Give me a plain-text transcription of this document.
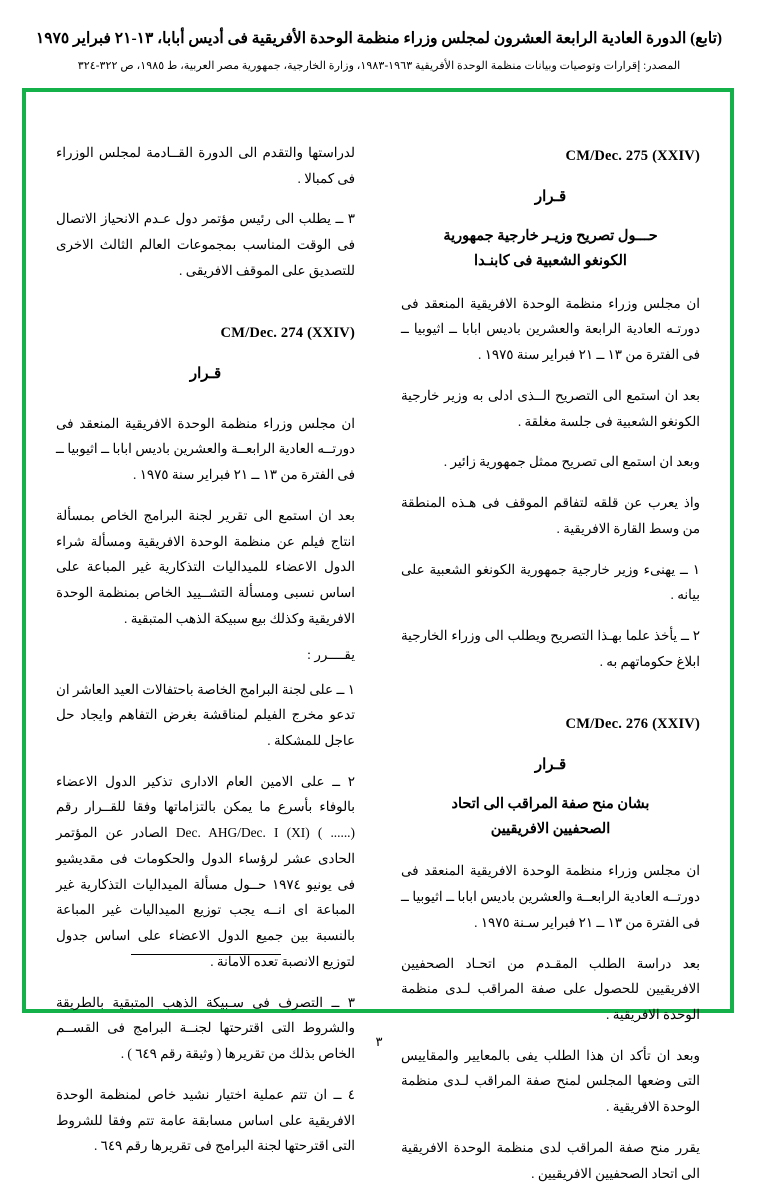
(تابع) الدورة العادية الرابعة العشرون لمجلس وزراء منظمة الوحدة الأفريقية فى أديس أبابا، ١٣-٢١ فبراير ١٩٧٥
المصدر: إقرارات وتوصيات وبيانات منظمة الوحدة الأفريقية ١٩٦٣-١٩٨٣، وزارة الخارجية، جمهورية مصر العربية، ط ١٩٨٥، ص ٣٢٢-٣٢٤
CM/Dec. 275 (XXIV)
قـرار
حـــول تصريح وزيـر خارجية جمهورية
الكونغو الشعبية فى كابنـدا

ان مجلس وزراء منظمة الوحدة الافريقية المنعقد فى دورتـه العادية الرابعة والعشرين باديس ابابا ــ اثيوبيا ــ فى الفترة من ١٣ ــ ٢١ فبراير سنة ١٩٧٥ .

بعد ان استمع الى التصريح الــذى ادلى به وزير خارجية الكونغو الشعبية فى جلسة مغلقة .

وبعد ان استمع الى تصريح ممثل جمهورية زائير .

واذ يعرب عن قلقه لتفاقم الموقف فى هـذه المنطقة من وسط القارة الافريقية .

١ ــ يهنىء وزير خارجية جمهورية الكونغو الشعبية على بيانه .

٢ ــ يأخذ علما بهـذا التصريح ويطلب الى وزراء الخارجية ابلاغ حكوماتهم به .

CM/Dec. 276 (XXIV)
قـرار
بشان منح صفة المراقب الى اتحاد
الصحفيين الافريقيين

ان مجلس وزراء منظمة الوحدة الافريقية المنعقد فى دورتــه العادية الرابعــة والعشرين باديس ابابا ــ اثيوبيا ــ فى الفترة من ١٣ ــ ٢١ فبراير سـنة ١٩٧٥ .

بعد دراسة الطلب المقـدم من اتحـاد الصحفيين الافريقيين للحصول على صفة المراقب لـدى منظمة الوحدة الافريقية .

وبعد ان تأكد ان هذا الطلب يفى بالمعايير والمقاييس التى وضعها المجلس لمنح صفة المراقب لـدى منظمة الوحدة الافريقية .

يقرر منح صفة المراقب لدى منظمة الوحدة الافريقية الى اتحاد الصحفيين الافريقيين .

لدراستها والتقدم الى الدورة القــادمة لمجلس الوزراء فى كمبالا .

٣ ــ يطلب الى رئيس مؤتمر دول عـدم الانحياز الاتصال فى الوقت المناسب بمجموعات العالم الثالث الاخرى للتصديق على الموقف الافريقى .

CM/Dec. 274 (XXIV)
قـرار

ان مجلس وزراء منظمة الوحدة الافريقية المنعقد فى دورتــه العادية الرابعــة والعشرين باديس ابابا ــ اثيوبيا ــ فى الفترة من ١٣ ــ ٢١ فبراير سنة ١٩٧٥ .

بعد ان استمع الى تقرير لجنة البرامج الخاص بمسألة انتاج فيلم عن منظمة الوحدة الافريقية ومسألة شراء الدول الاعضاء للميداليات التذكارية غير المباعة على اساس نسبى ومسألة التشــييد الخاص بمنظمة الوحدة الافريقية وكذلك بيع سبيكة الذهب المتبقية .

يقــــرر :

١ ــ على لجنة البرامج الخاصة باحتفالات العيد العاشر ان تدعو مخرج الفيلم لمناقشة بغرض التفاهم وايجاد حل عاجل للمشكلة .

٢ ــ على الامين العام الادارى تذكير الدول الاعضاء بالوفاء بأسرع ما يمكن بالتزاماتها وفقا للقــرار رقم (...... ) Dec. AHG/Dec. I (XI) الصادر عن المؤتمر الحادى عشر لرؤساء الدول والحكومات فى مقديشيو فى يونيو ١٩٧٤ حــول مسألة الميداليات التذكارية غير المباعة اى انــه يجب توزيع الميداليات غير المباعة بالنسبة بين جميع الدول الاعضاء على اساس جدول لتوزيع الانصبة تعده الامانة .

٣ ــ التصرف فى سـبيكة الذهب المتبقية بالطريقة والشروط التى اقترحتها لجنــة البرامج فى القســم الخاص بذلك من تقريرها ( وثيقة رقم ٦٤٩ ) .

٤ ــ ان تتم عملية اختيار نشيد خاص لمنظمة الوحدة الافريقية على اساس مسابقة عامة تتم وفقا للشروط التى اقترحتها لجنة البرامج فى تقريرها رقم ٦٤٩ .

٣
